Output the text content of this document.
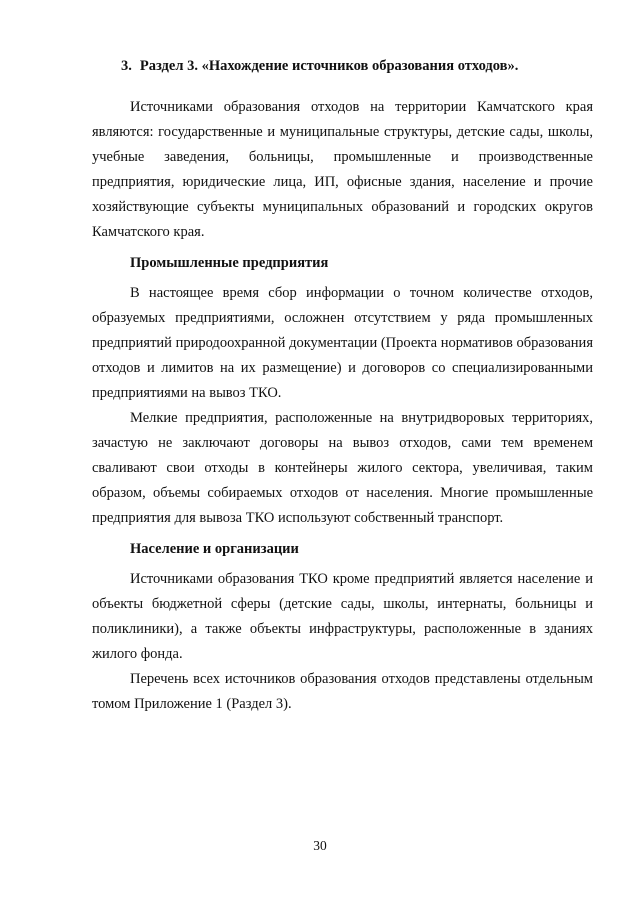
3. Раздел 3. «Нахождение источников образования отходов».

Источниками образования отходов на территории Камчатского края являются: государственные и муниципальные структуры, детские сады, школы, учебные заведения, больницы, промышленные и производственные предприятия, юридические лица, ИП, офисные здания, население и прочие хозяйствующие субъекты муниципальных образований и городских округов Камчатского края.

Промышленные предприятия

В настоящее время сбор информации о точном количестве отходов, образуемых предприятиями, осложнен отсутствием у ряда промышленных предприятий природоохранной документации (Проекта нормативов образования отходов и лимитов на их размещение) и договоров со специализированными предприятиями на вывоз ТКО.

Мелкие предприятия, расположенные на внутридворовых территориях, зачастую не заключают договоры на вывоз отходов, сами тем временем сваливают свои отходы в контейнеры жилого сектора, увеличивая, таким образом, объемы собираемых отходов от населения. Многие промышленные предприятия для вывоза ТКО используют собственный транспорт.

Население и организации

Источниками образования ТКО кроме предприятий является население и объекты бюджетной сферы (детские сады, школы, интернаты, больницы и поликлиники), а также объекты инфраструктуры, расположенные в зданиях жилого фонда.

Перечень всех источников образования отходов представлены отдельным томом Приложение 1 (Раздел 3).

30
